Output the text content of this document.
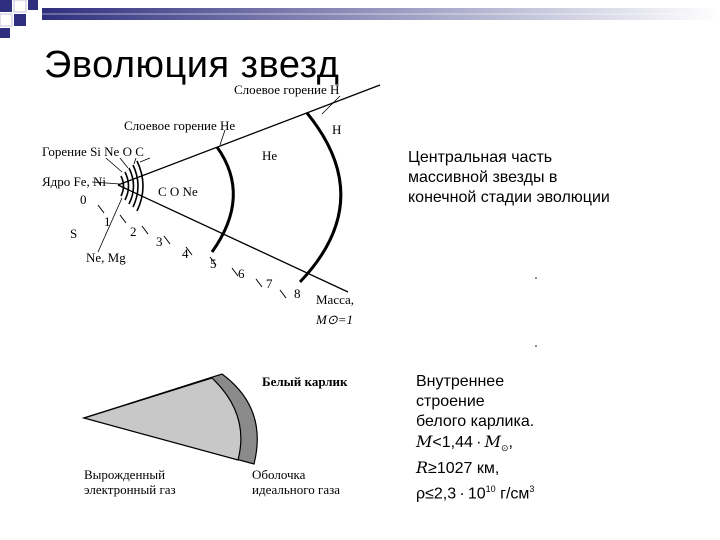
Эволюция звезд
Слоевое горение H
H
Слоевое горение He
He
Горение Si Ne O C
Ядро Fe, Ni
C O Ne
S
Ne, Mg
0
1
2
3
4
5
6
7
8 Масса,
M⊙=1
Центральная часть
массивной звезды в
конечной стадии эволюции
Белый карлик
Вырожденный
электронный газ
Оболочка
идеального газа
Внутреннее
строение
белого карлика.
$M<1,44 \cdot M_⊙$,
R≥1027 км,
$\rho\le 2,3 \cdot 10^{10}$ $г/см^3$
